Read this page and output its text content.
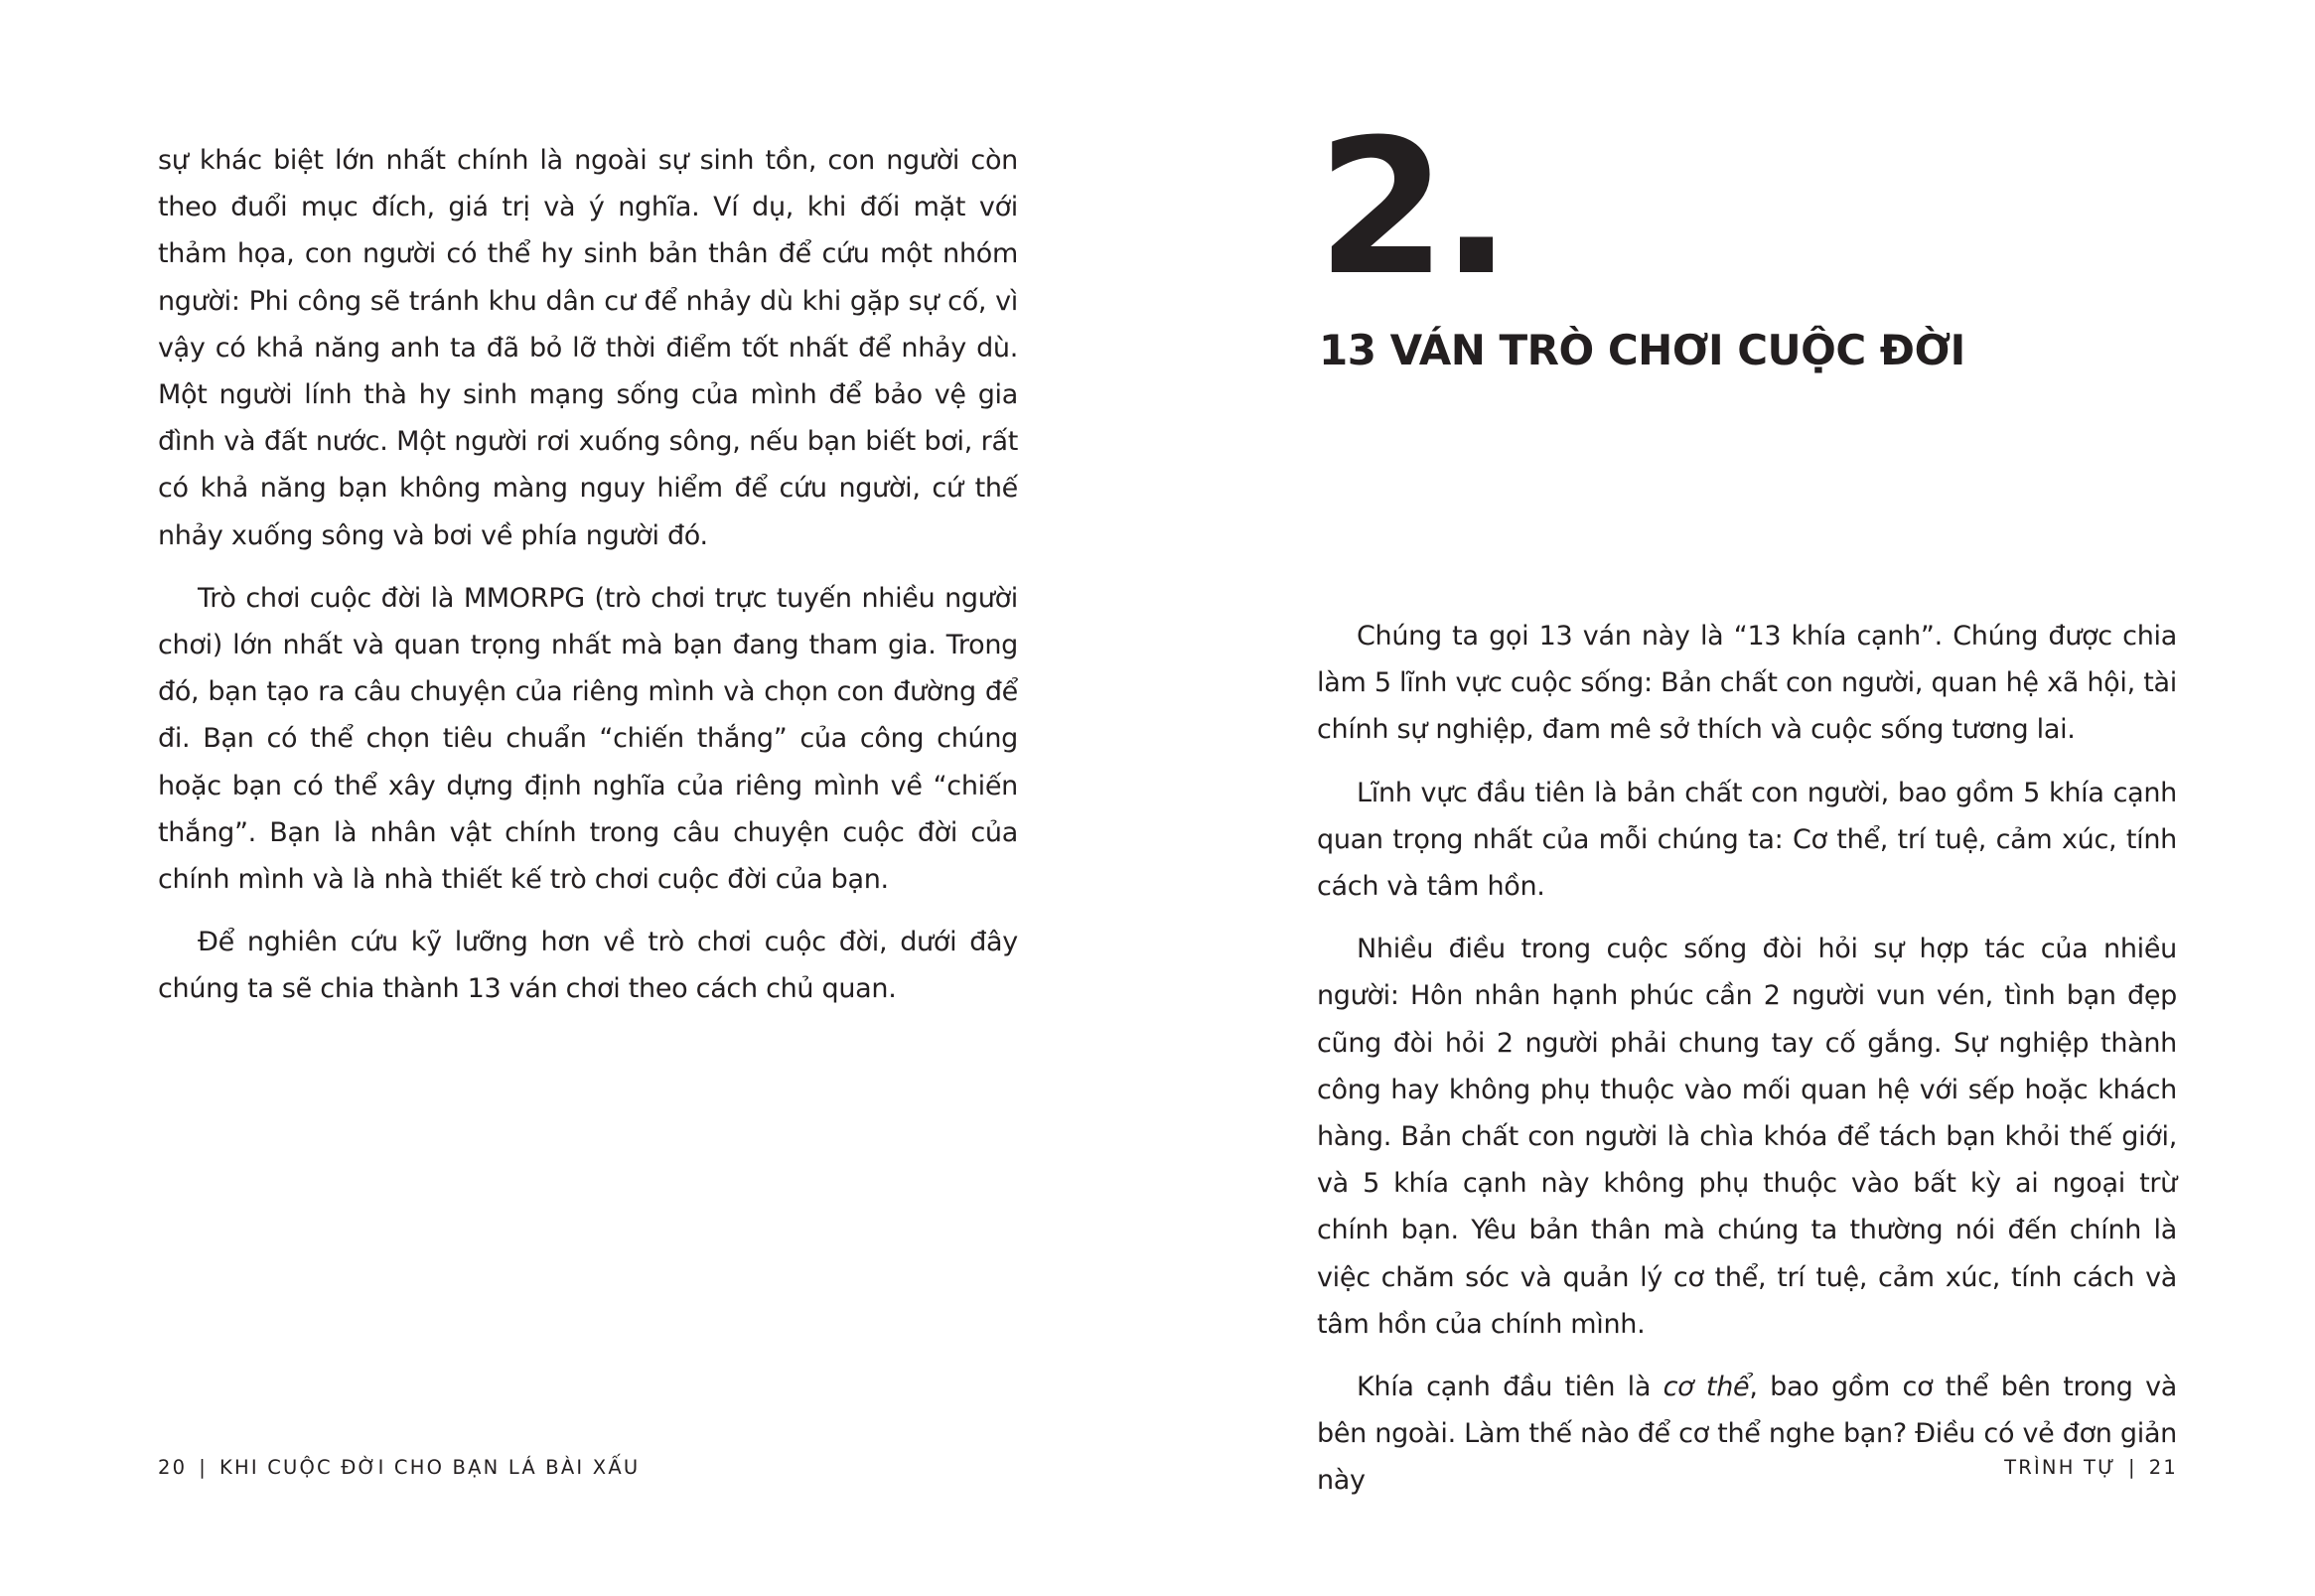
sự khác biệt lớn nhất chính là ngoài sự sinh tồn, con người còn theo đuổi mục đích, giá trị và ý nghĩa. Ví dụ, khi đối mặt với thảm họa, con người có thể hy sinh bản thân để cứu một nhóm người: Phi công sẽ tránh khu dân cư để nhảy dù khi gặp sự cố, vì vậy có khả năng anh ta đã bỏ lỡ thời điểm tốt nhất để nhảy dù. Một người lính thà hy sinh mạng sống của mình để bảo vệ gia đình và đất nước. Một người rơi xuống sông, nếu bạn biết bơi, rất có khả năng bạn không màng nguy hiểm để cứu người, cứ thế nhảy xuống sông và bơi về phía người đó.

Trò chơi cuộc đời là MMORPG (trò chơi trực tuyến nhiều người chơi) lớn nhất và quan trọng nhất mà bạn đang tham gia. Trong đó, bạn tạo ra câu chuyện của riêng mình và chọn con đường để đi. Bạn có thể chọn tiêu chuẩn “chiến thắng” của công chúng hoặc bạn có thể xây dựng định nghĩa của riêng mình về “chiến thắng”. Bạn là nhân vật chính trong câu chuyện cuộc đời của chính mình và là nhà thiết kế trò chơi cuộc đời của bạn.

Để nghiên cứu kỹ lưỡng hơn về trò chơi cuộc đời, dưới đây chúng ta sẽ chia thành 13 ván chơi theo cách chủ quan.

20 | KHI CUỘC ĐỜI CHO BẠN LÁ BÀI XẤU
2.
13 VÁN TRÒ CHƠI CUỘC ĐỜI

Chúng ta gọi 13 ván này là “13 khía cạnh”. Chúng được chia làm 5 lĩnh vực cuộc sống: Bản chất con người, quan hệ xã hội, tài chính sự nghiệp, đam mê sở thích và cuộc sống tương lai.

Lĩnh vực đầu tiên là bản chất con người, bao gồm 5 khía cạnh quan trọng nhất của mỗi chúng ta: Cơ thể, trí tuệ, cảm xúc, tính cách và tâm hồn.

Nhiều điều trong cuộc sống đòi hỏi sự hợp tác của nhiều người: Hôn nhân hạnh phúc cần 2 người vun vén, tình bạn đẹp cũng đòi hỏi 2 người phải chung tay cố gắng. Sự nghiệp thành công hay không phụ thuộc vào mối quan hệ với sếp hoặc khách hàng. Bản chất con người là chìa khóa để tách bạn khỏi thế giới, và 5 khía cạnh này không phụ thuộc vào bất kỳ ai ngoại trừ chính bạn. Yêu bản thân mà chúng ta thường nói đến chính là việc chăm sóc và quản lý cơ thể, trí tuệ, cảm xúc, tính cách và tâm hồn của chính mình.

Khía cạnh đầu tiên là cơ thể, bao gồm cơ thể bên trong và bên ngoài. Làm thế nào để cơ thể nghe bạn? Điều có vẻ đơn giản này	TRÌNH TỰ | 21
